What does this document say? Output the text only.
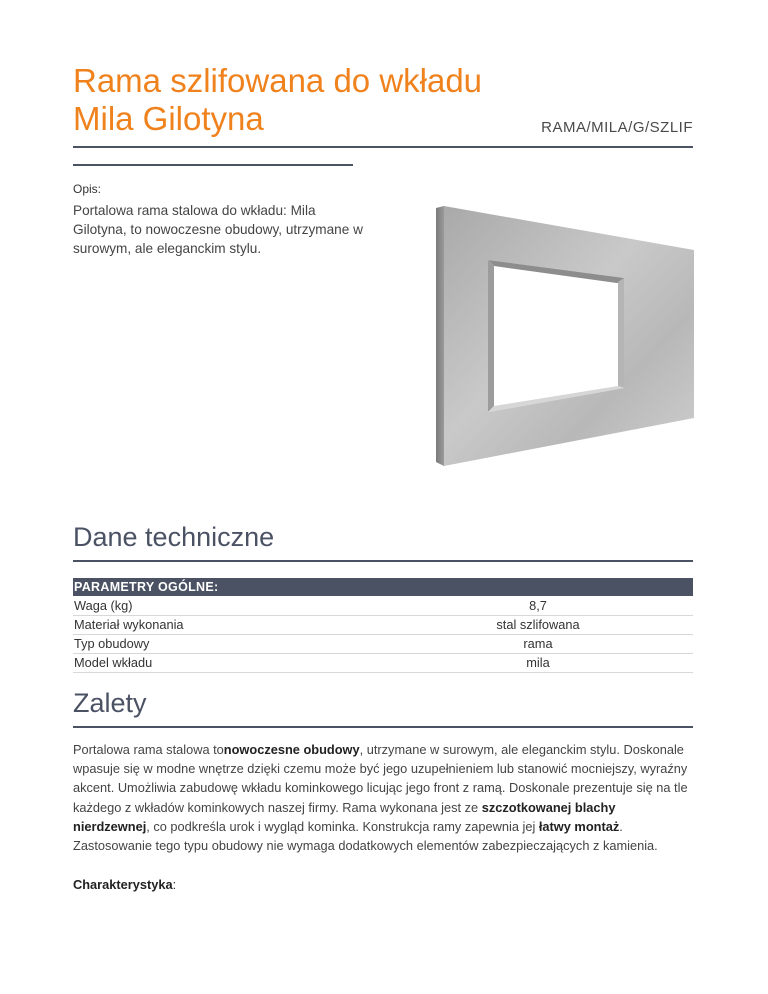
Rama szlifowana do wkładu
Mila Gilotyna	RAMA/MILA/G/SZLIF
Opis:
Portalowa rama stalowa do wkładu: Mila Gilotyna, to nowoczesne obudowy, utrzymane w surowym, ale eleganckim stylu.
Dane techniczne
PARAMETRY OGÓLNE:	
Waga (kg)	8,7
Materiał wykonania	stal szlifowana
Typ obudowy	rama
Model wkładu	mila
Zalety
Portalowa rama stalowa tonowoczesne obudowy, utrzymane w surowym, ale eleganckim stylu. Doskonale wpasuje się w modne wnętrze dzięki czemu może być jego uzupełnieniem lub stanowić mocniejszy, wyraźny akcent. Umożliwia zabudowę wkładu kominkowego licując jego front z ramą. Doskonale prezentuje się na tle każdego z wkładów kominkowych naszej firmy. Rama wykonana jest ze szczotkowanej blachy nierdzewnej, co podkreśla urok i wygląd kominka. Konstrukcja ramy zapewnia jej łatwy montaż. Zastosowanie tego typu obudowy nie wymaga dodatkowych elementów zabezpieczających z kamienia.
Charakterystyka:
